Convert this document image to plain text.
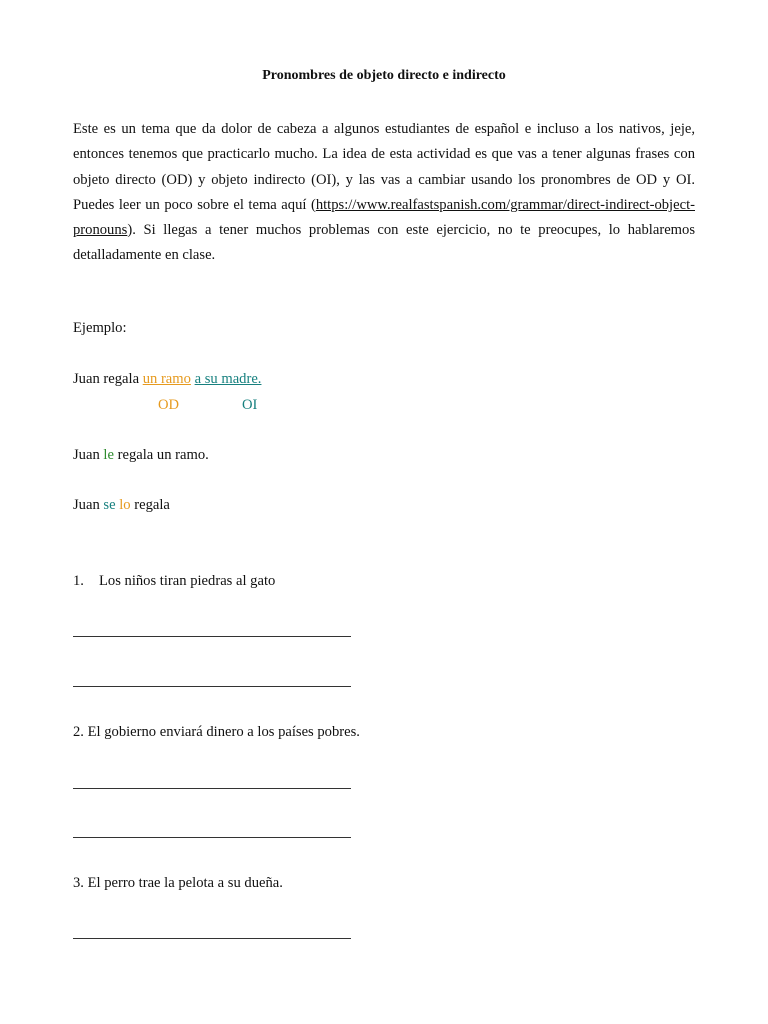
Pronombres de objeto directo e indirecto
Este es un tema que da dolor de cabeza a algunos estudiantes de español e incluso a los nativos, jeje, entonces tenemos que practicarlo mucho. La idea de esta actividad es que vas a tener algunas frases con objeto directo (OD) y objeto indirecto (OI), y las vas a cambiar usando los pronombres de OD y OI. Puedes leer un poco sobre el tema aquí (https://www.realfastspanish.com/grammar/direct-indirect-object-pronouns). Si llegas a tener muchos problemas con este ejercicio, no te preocupes, lo hablaremos detalladamente en clase.
Ejemplo:
Juan regala un ramo a su madre.
OD	OI
Juan le regala un ramo.
Juan se lo regala
1. Los niños tiran piedras al gato
2. El gobierno enviará dinero a los países pobres.
3. El perro trae la pelota a su dueña.
